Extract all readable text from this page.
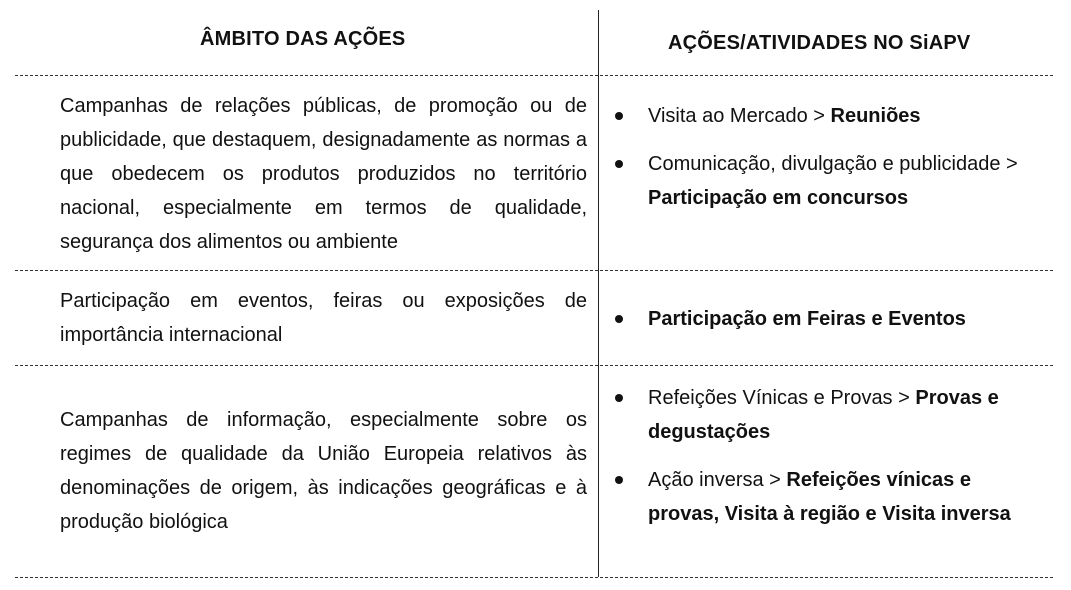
ÂMBITO DAS AÇÕES	AÇÕES/ATIVIDADES NO SiAPV
Campanhas de relações públicas, de promoção ou de publicidade, que destaquem, designadamente as normas a que obedecem os produtos produzidos no território nacional, especialmente em termos de qualidade, segurança dos alimentos ou ambiente
Visita ao Mercado > Reuniões
Comunicação, divulgação e publicidade > Participação em concursos
Participação em eventos, feiras ou exposições de importância internacional
Participação em Feiras e Eventos
Campanhas de informação, especialmente sobre os regimes de qualidade da União Europeia relativos às denominações de origem, às indicações geográficas e à produção biológica
Refeições Vínicas e Provas > Provas e degustações
Ação inversa > Refeições vínicas e provas, Visita à região e Visita inversa
